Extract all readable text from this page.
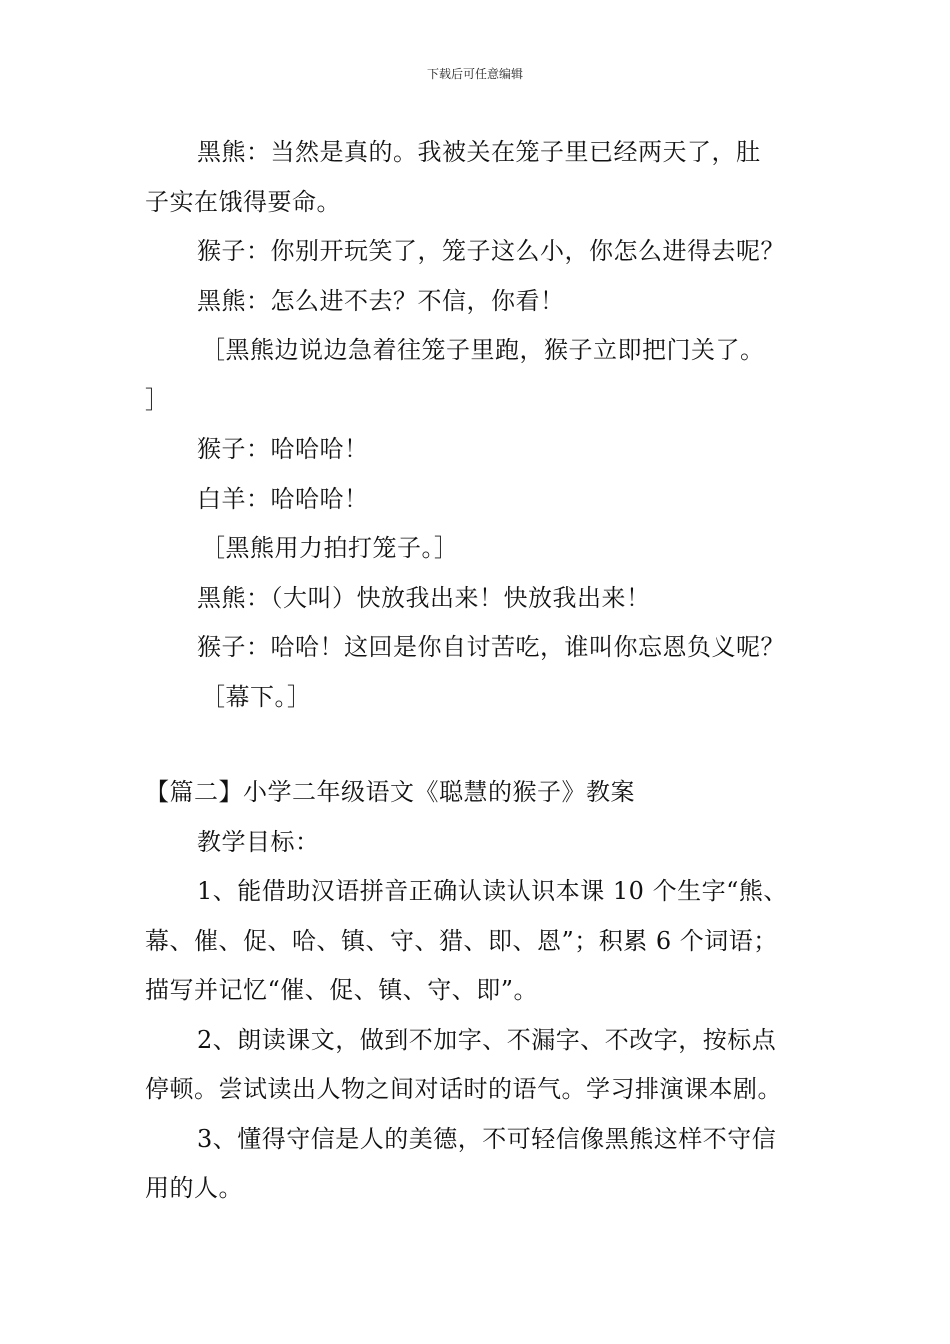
下载后可任意编辑
黑熊：当然是真的。我被关在笼子里已经两天了，肚
子实在饿得要命。
猴子：你别开玩笑了，笼子这么小，你怎么进得去呢？
黑熊：怎么进不去？不信，你看！
［黑熊边说边急着往笼子里跑，猴子立即把门关了。
］
猴子：哈哈哈！
白羊：哈哈哈！
［黑熊用力拍打笼子。］
黑熊：（大叫）快放我出来！快放我出来！
猴子：哈哈！这回是你自讨苦吃，谁叫你忘恩负义呢？
［幕下。］
【篇二】小学二年级语文《聪慧的猴子》教案
教学目标：
1、能借助汉语拼音正确认读认识本课 10 个生字“熊、
幕、催、促、哈、镇、守、猎、即、恩”；积累 6 个词语；
描写并记忆“催、促、镇、守、即”。
2、朗读课文，做到不加字、不漏字、不改字，按标点
停顿。尝试读出人物之间对话时的语气。学习排演课本剧。
3、懂得守信是人的美德，不可轻信像黑熊这样不守信
用的人。
